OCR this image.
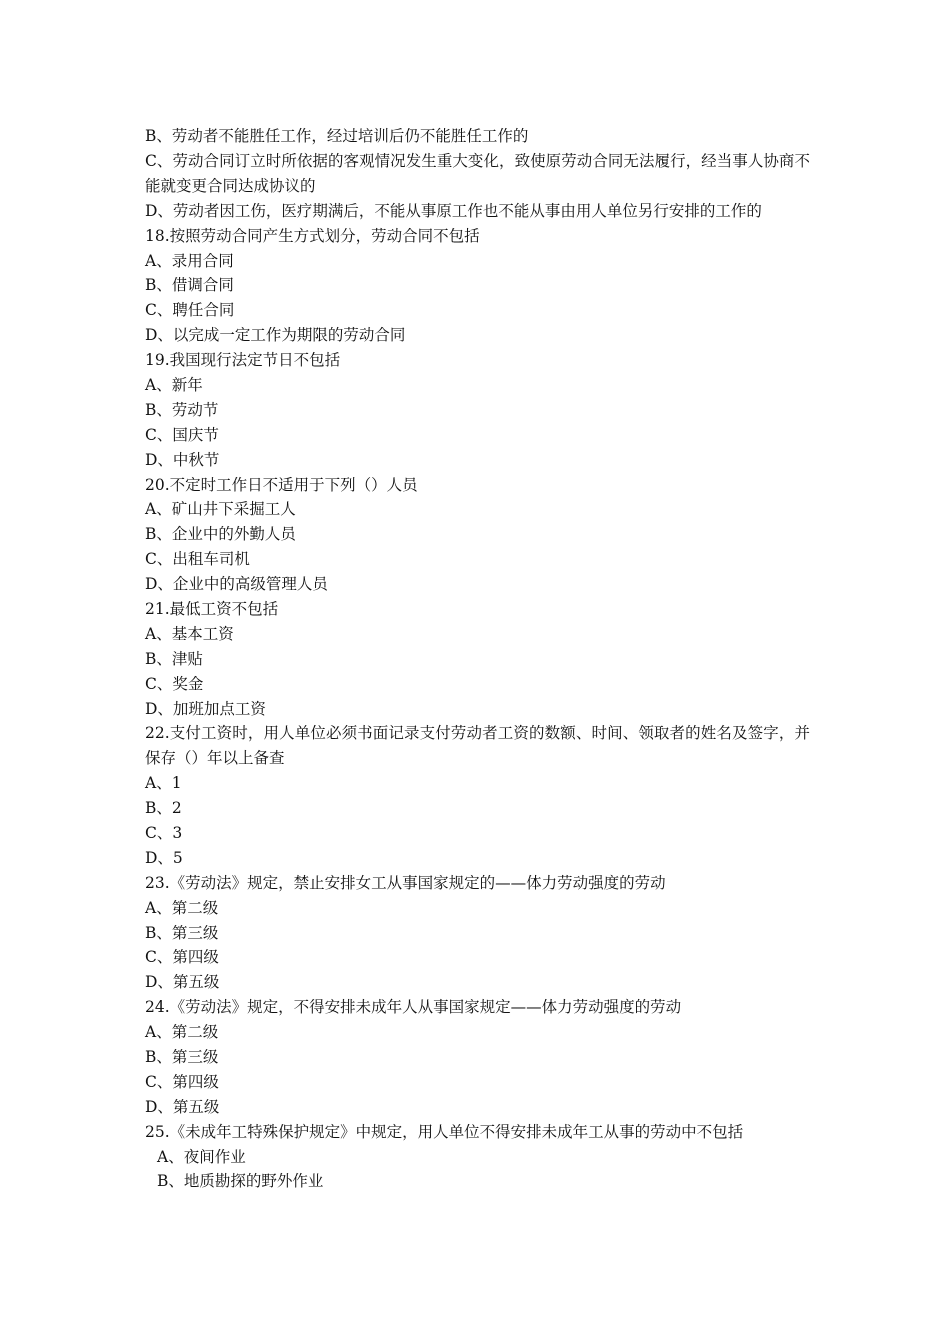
B、劳动者不能胜任工作，经过培训后仍不能胜任工作的
C、劳动合同订立时所依据的客观情况发生重大变化，致使原劳动合同无法履行，经当事人协商不能就变更合同达成协议的
D、劳动者因工伤，医疗期满后，不能从事原工作也不能从事由用人单位另行安排的工作的
18.按照劳动合同产生方式划分，劳动合同不包括
A、录用合同
B、借调合同
C、聘任合同
D、以完成一定工作为期限的劳动合同
19.我国现行法定节日不包括
A、新年
B、劳动节
C、国庆节
D、中秋节
20.不定时工作日不适用于下列（）人员
A、矿山井下采掘工人
B、企业中的外勤人员
C、出租车司机
D、企业中的高级管理人员
21.最低工资不包括
A、基本工资
B、津贴
C、奖金
D、加班加点工资
22.支付工资时，用人单位必须书面记录支付劳动者工资的数额、时间、领取者的姓名及签字，并保存（）年以上备查
A、1
B、2
C、3
D、5
23.《劳动法》规定，禁止安排女工从事国家规定的——体力劳动强度的劳动
A、第二级
B、第三级
C、第四级
D、第五级
24.《劳动法》规定，不得安排未成年人从事国家规定——体力劳动强度的劳动
A、第二级
B、第三级
C、第四级
D、第五级
25.《未成年工特殊保护规定》中规定，用人单位不得安排未成年工从事的劳动中不包括
A、夜间作业
B、地质勘探的野外作业
